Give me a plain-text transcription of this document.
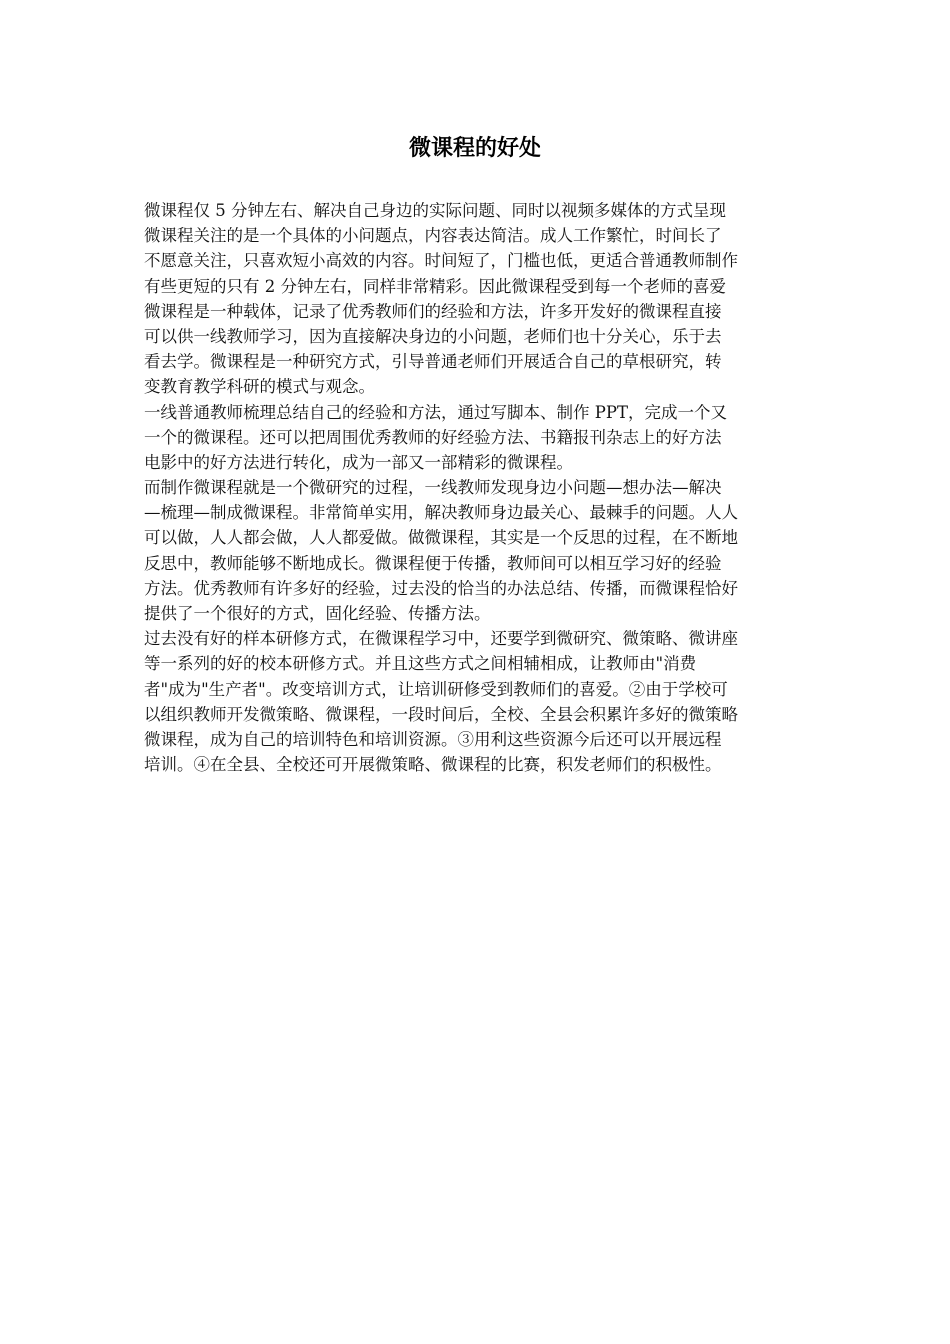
微课程的好处
微课程仅 5 分钟左右、解决自己身边的实际问题、同时以视频多媒体的方式呈现
微课程关注的是一个具体的小问题点，内容表达简洁。成人工作繁忙，时间长了
不愿意关注，只喜欢短小高效的内容。时间短了，门槛也低，更适合普通教师制作
有些更短的只有 2 分钟左右，同样非常精彩。因此微课程受到每一个老师的喜爱
微课程是一种载体，记录了优秀教师们的经验和方法，许多开发好的微课程直接
可以供一线教师学习，因为直接解决身边的小问题，老师们也十分关心，乐于去
看去学。微课程是一种研究方式，引导普通老师们开展适合自己的草根研究，转
变教育教学科研的模式与观念。
一线普通教师梳理总结自己的经验和方法，通过写脚本、制作 PPT，完成一个又
一个的微课程。还可以把周围优秀教师的好经验方法、书籍报刊杂志上的好方法
电影中的好方法进行转化，成为一部又一部精彩的微课程。
而制作微课程就是一个微研究的过程，一线教师发现身边小问题—想办法—解决
—梳理—制成微课程。非常简单实用，解决教师身边最关心、最棘手的问题。人人
可以做，人人都会做，人人都爱做。做微课程，其实是一个反思的过程，在不断地
反思中，教师能够不断地成长。微课程便于传播，教师间可以相互学习好的经验
方法。优秀教师有许多好的经验，过去没的恰当的办法总结、传播，而微课程恰好
提供了一个很好的方式，固化经验、传播方法。
过去没有好的样本研修方式，在微课程学习中，还要学到微研究、微策略、微讲座
等一系列的好的校本研修方式。并且这些方式之间相辅相成，让教师由"消费
者"成为"生产者"。改变培训方式，让培训研修受到教师们的喜爱。②由于学校可
以组织教师开发微策略、微课程，一段时间后，全校、全县会积累许多好的微策略
微课程，成为自己的培训特色和培训资源。③用利这些资源今后还可以开展远程
培训。④在全县、全校还可开展微策略、微课程的比赛，积发老师们的积极性。
